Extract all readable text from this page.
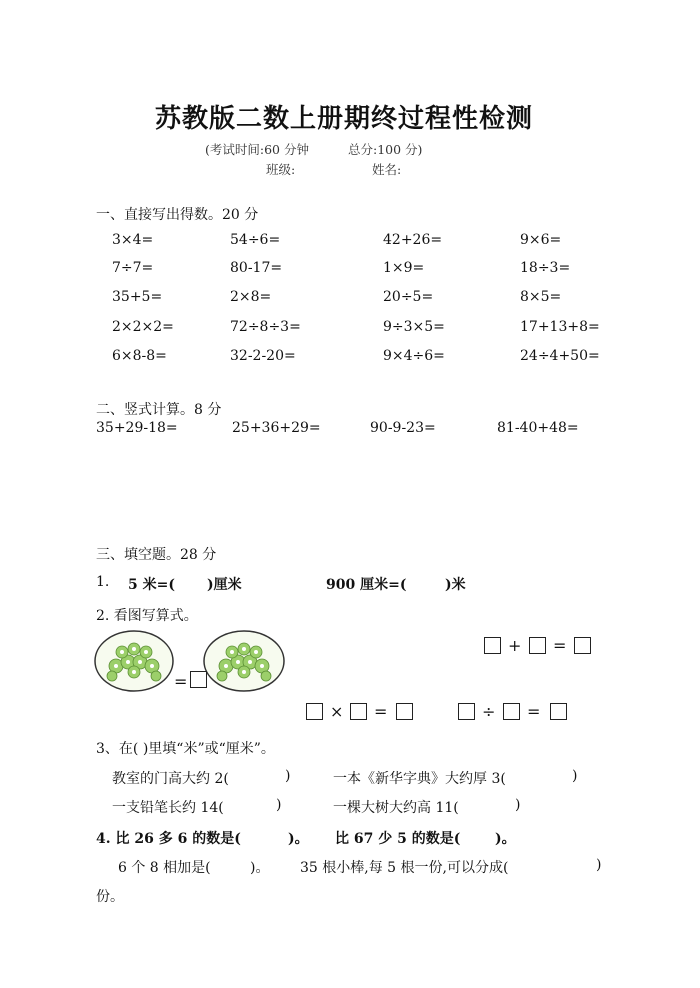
苏教版二数上册期终过程性检测
(考试时间:60 分钟	总分:100 分)
班级:	姓名:
一、直接写出得数。20 分
3×4=	54÷6=	42+26=	9×6=
7÷7=	80-17=	1×9=	18÷3=
35+5=	2×8=	20÷5=	8×5=
2×2×2=	72÷8÷3=	9÷3×5=	17+13+8=
6×8-8=	32-2-20=	9×4÷6=	24÷4+50=
二、竖式计算。8 分
35+29-18=	25+36+29=	90-9-23=	81-40+48=
三、填空题。28 分
1. 5 米=( )厘米	900 厘米=(	)米
2. 看图写算式。
=
+ =
× =	÷ =
3、在( )里填“米”或“厘米”。
教室的门高大约 2(	)	一本《新华字典》大约厚 3(	)
一支铅笔长约 14(	)	一棵大树大约高 11(	)
4. 比 26 多 6 的数是(	)。 比 67 少 5 的数是( )。
6 个 8 相加是(	)。 35 根小棒,每 5 根一份,可以分成(	)
份。
